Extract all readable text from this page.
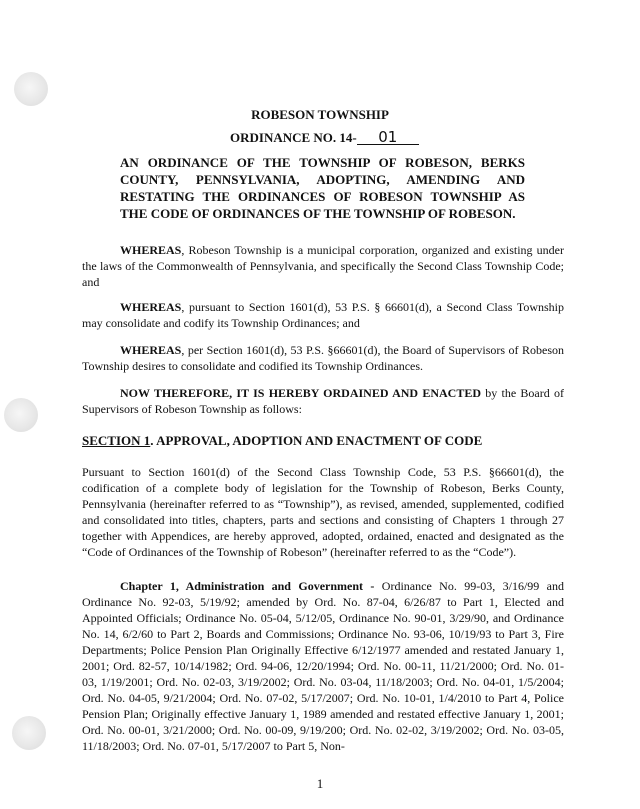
ROBESON TOWNSHIP
ORDINANCE NO. 14- 01
AN ORDINANCE OF THE TOWNSHIP OF ROBESON, BERKS COUNTY, PENNSYLVANIA, ADOPTING, AMENDING AND RESTATING THE ORDINANCES OF ROBESON TOWNSHIP AS THE CODE OF ORDINANCES OF THE TOWNSHIP OF ROBESON.
WHEREAS, Robeson Township is a municipal corporation, organized and existing under the laws of the Commonwealth of Pennsylvania, and specifically the Second Class Township Code; and
WHEREAS, pursuant to Section 1601(d), 53 P.S. § 66601(d), a Second Class Township may consolidate and codify its Township Ordinances; and
WHEREAS, per Section 1601(d), 53 P.S. §66601(d), the Board of Supervisors of Robeson Township desires to consolidate and codified its Township Ordinances.
NOW THEREFORE, IT IS HEREBY ORDAINED AND ENACTED by the Board of Supervisors of Robeson Township as follows:
SECTION 1. APPROVAL, ADOPTION AND ENACTMENT OF CODE
Pursuant to Section 1601(d) of the Second Class Township Code, 53 P.S. §66601(d), the codification of a complete body of legislation for the Township of Robeson, Berks County, Pennsylvania (hereinafter referred to as “Township”), as revised, amended, supplemented, codified and consolidated into titles, chapters, parts and sections and consisting of Chapters 1 through 27 together with Appendices, are hereby approved, adopted, ordained, enacted and designated as the “Code of Ordinances of the Township of Robeson” (hereinafter referred to as the “Code”).
Chapter 1, Administration and Government - Ordinance No. 99-03, 3/16/99 and Ordinance No. 92-03, 5/19/92; amended by Ord. No. 87-04, 6/26/87 to Part 1, Elected and Appointed Officials; Ordinance No. 05-04, 5/12/05, Ordinance No. 90-01, 3/29/90, and Ordinance No. 14, 6/2/60 to Part 2, Boards and Commissions; Ordinance No. 93-06, 10/19/93 to Part 3, Fire Departments; Police Pension Plan Originally Effective 6/12/1977 amended and restated January 1, 2001; Ord. 82-57, 10/14/1982; Ord. 94-06, 12/20/1994; Ord. No. 00-11, 11/21/2000; Ord. No. 01-03, 1/19/2001; Ord. No. 02-03, 3/19/2002; Ord. No. 03-04, 11/18/2003; Ord. No. 04-01, 1/5/2004; Ord. No. 04-05, 9/21/2004; Ord. No. 07-02, 5/17/2007; Ord. No. 10-01, 1/4/2010 to Part 4, Police Pension Plan; Originally effective January 1, 1989 amended and restated effective January 1, 2001; Ord. No. 00-01, 3/21/2000; Ord. No. 00-09, 9/19/200; Ord. No. 02-02, 3/19/2002; Ord. No. 03-05, 11/18/2003; Ord. No. 07-01, 5/17/2007 to Part 5, Non-
1
